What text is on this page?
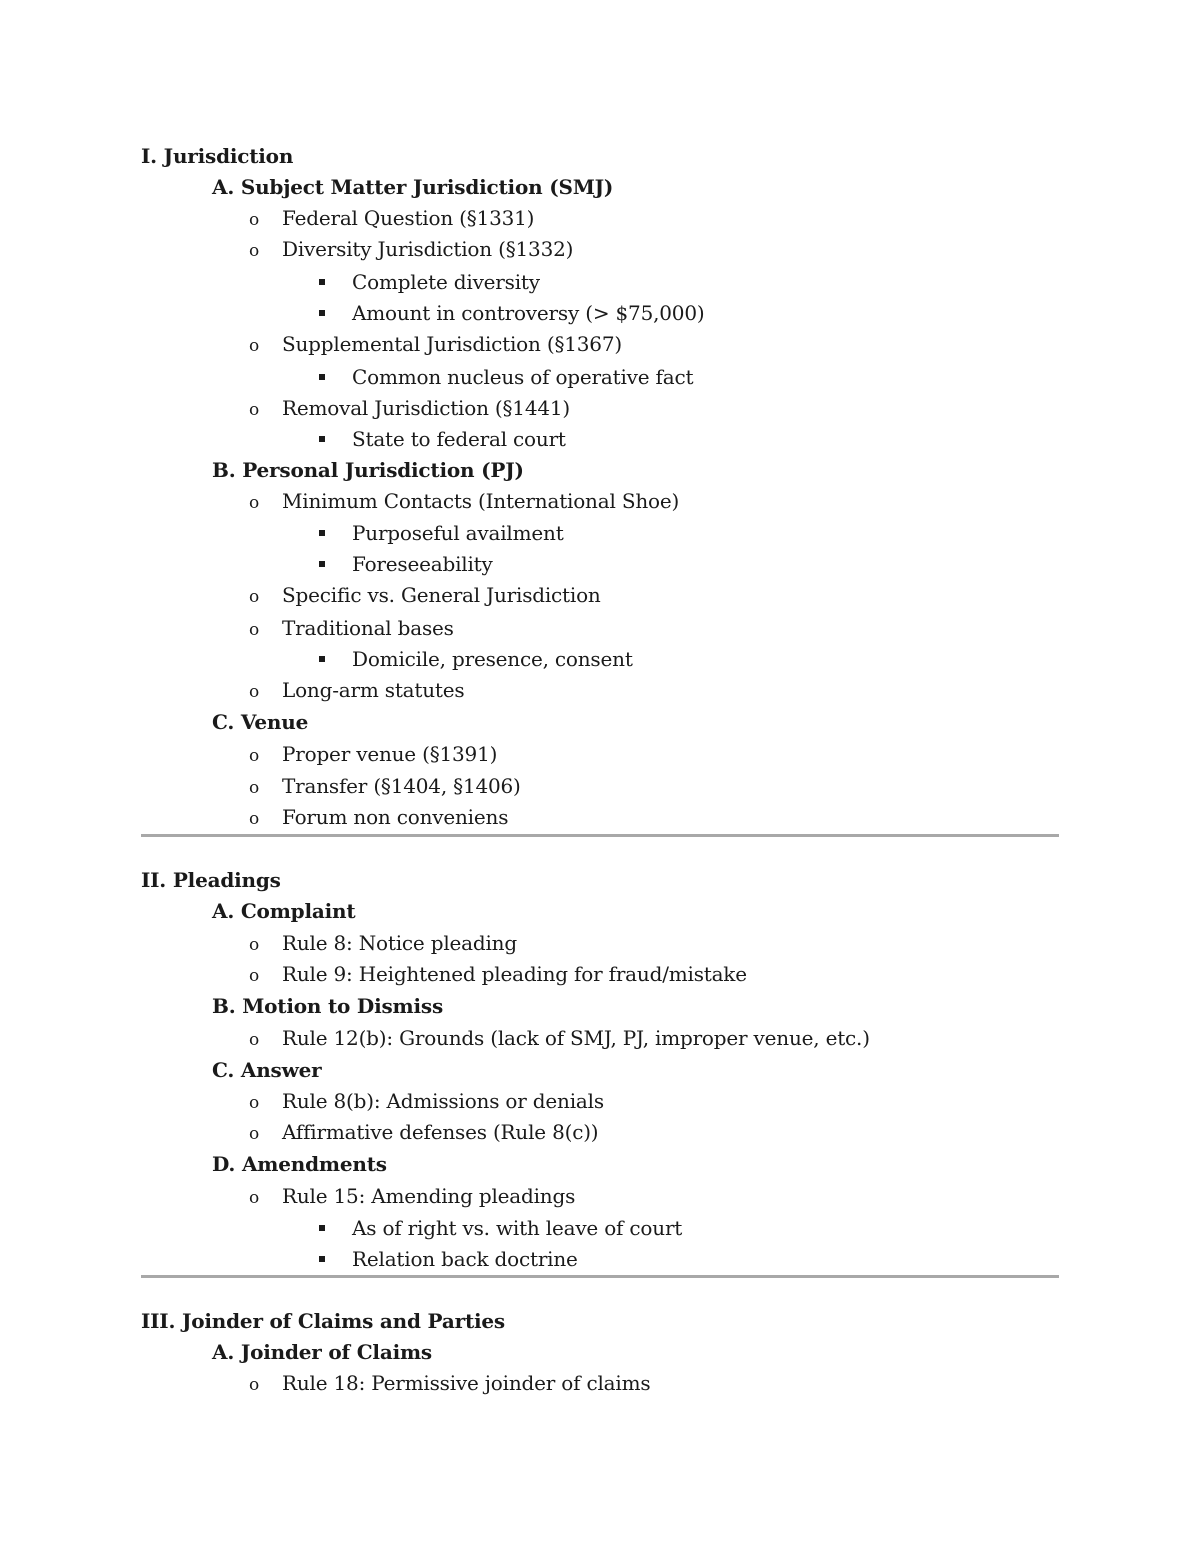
I. Jurisdiction
A. Subject Matter Jurisdiction (SMJ)
o Federal Question (§1331)
o Diversity Jurisdiction (§1332)
Complete diversity
Amount in controversy (> $75,000)
o Supplemental Jurisdiction (§1367)
Common nucleus of operative fact
o Removal Jurisdiction (§1441)
State to federal court
B. Personal Jurisdiction (PJ)
o Minimum Contacts (International Shoe)
Purposeful availment
Foreseeability
o Specific vs. General Jurisdiction
o Traditional bases
Domicile, presence, consent
o Long-arm statutes
C. Venue
o Proper venue (§1391)
o Transfer (§1404, §1406)
o Forum non conveniens
II. Pleadings
A. Complaint
o Rule 8: Notice pleading
o Rule 9: Heightened pleading for fraud/mistake
B. Motion to Dismiss
o Rule 12(b): Grounds (lack of SMJ, PJ, improper venue, etc.)
C. Answer
o Rule 8(b): Admissions or denials
o Affirmative defenses (Rule 8(c))
D. Amendments
o Rule 15: Amending pleadings
As of right vs. with leave of court
Relation back doctrine
III. Joinder of Claims and Parties
A. Joinder of Claims
o Rule 18: Permissive joinder of claims
